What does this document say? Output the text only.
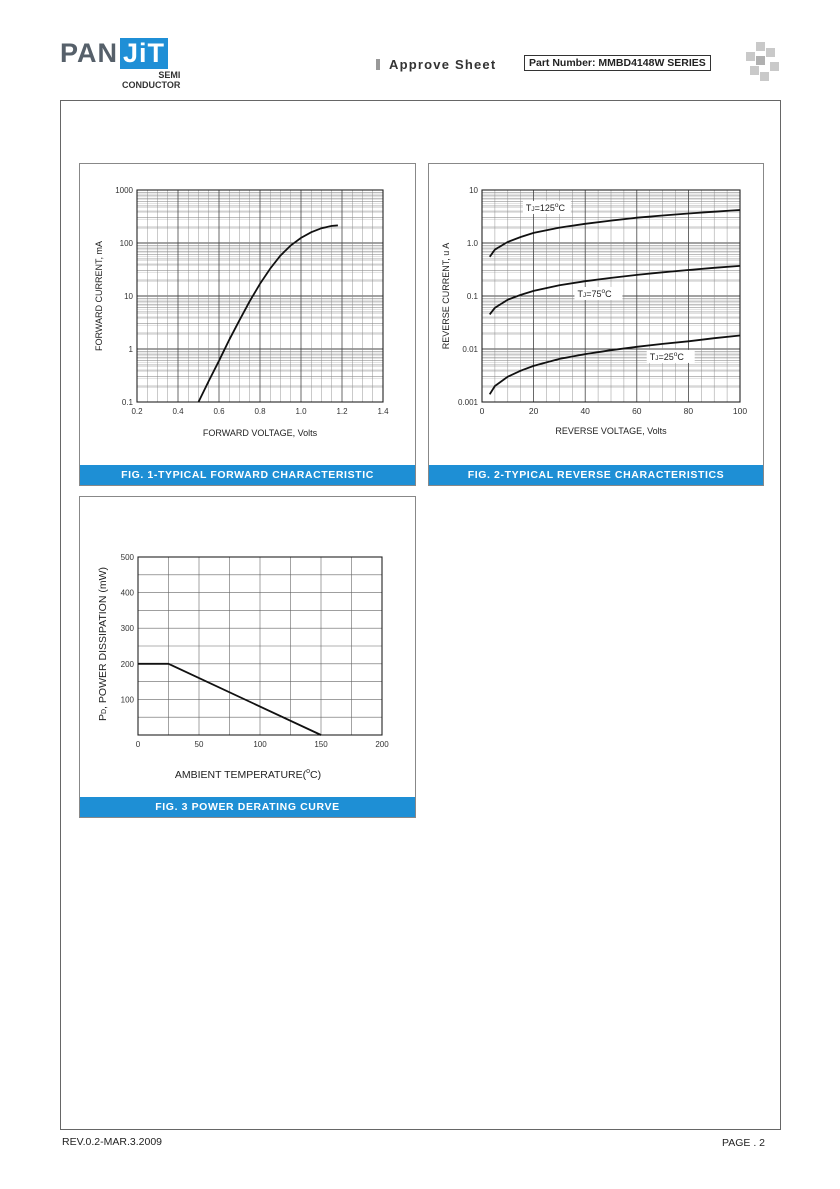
PAN JiT
SEMI
CONDUCTOR
Approve Sheet	Part Number: MMBD4148W SERIES
0.2	0.4	0.6	0.8	1.0	1.2	1.4
0.1
1
10
100
1000
FORWARD VOLTAGE, Volts
FORWARD CURRENT, mA
FIG. 1-TYPICAL FORWARD CHARACTERISTIC
0	20	40	60	80	100
0.001
0.01
0.1
1.0
10
REVERSE VOLTAGE, Volts
REVERSE CURRENT, u A
$TJ=125^oC$
$TJ=75^oC$
$TJ=25^oC$
FIG. 2-TYPICAL REVERSE CHARACTERISTICS
0	50	100	150	200
100
200
300
400
500
AMBIENT TEMPERATURE($^o$C)
PD, POWER DISSIPATION (mW)
FIG. 3 POWER DERATING CURVE
REV.0.2-MAR.3.2009	PAGE . 2
